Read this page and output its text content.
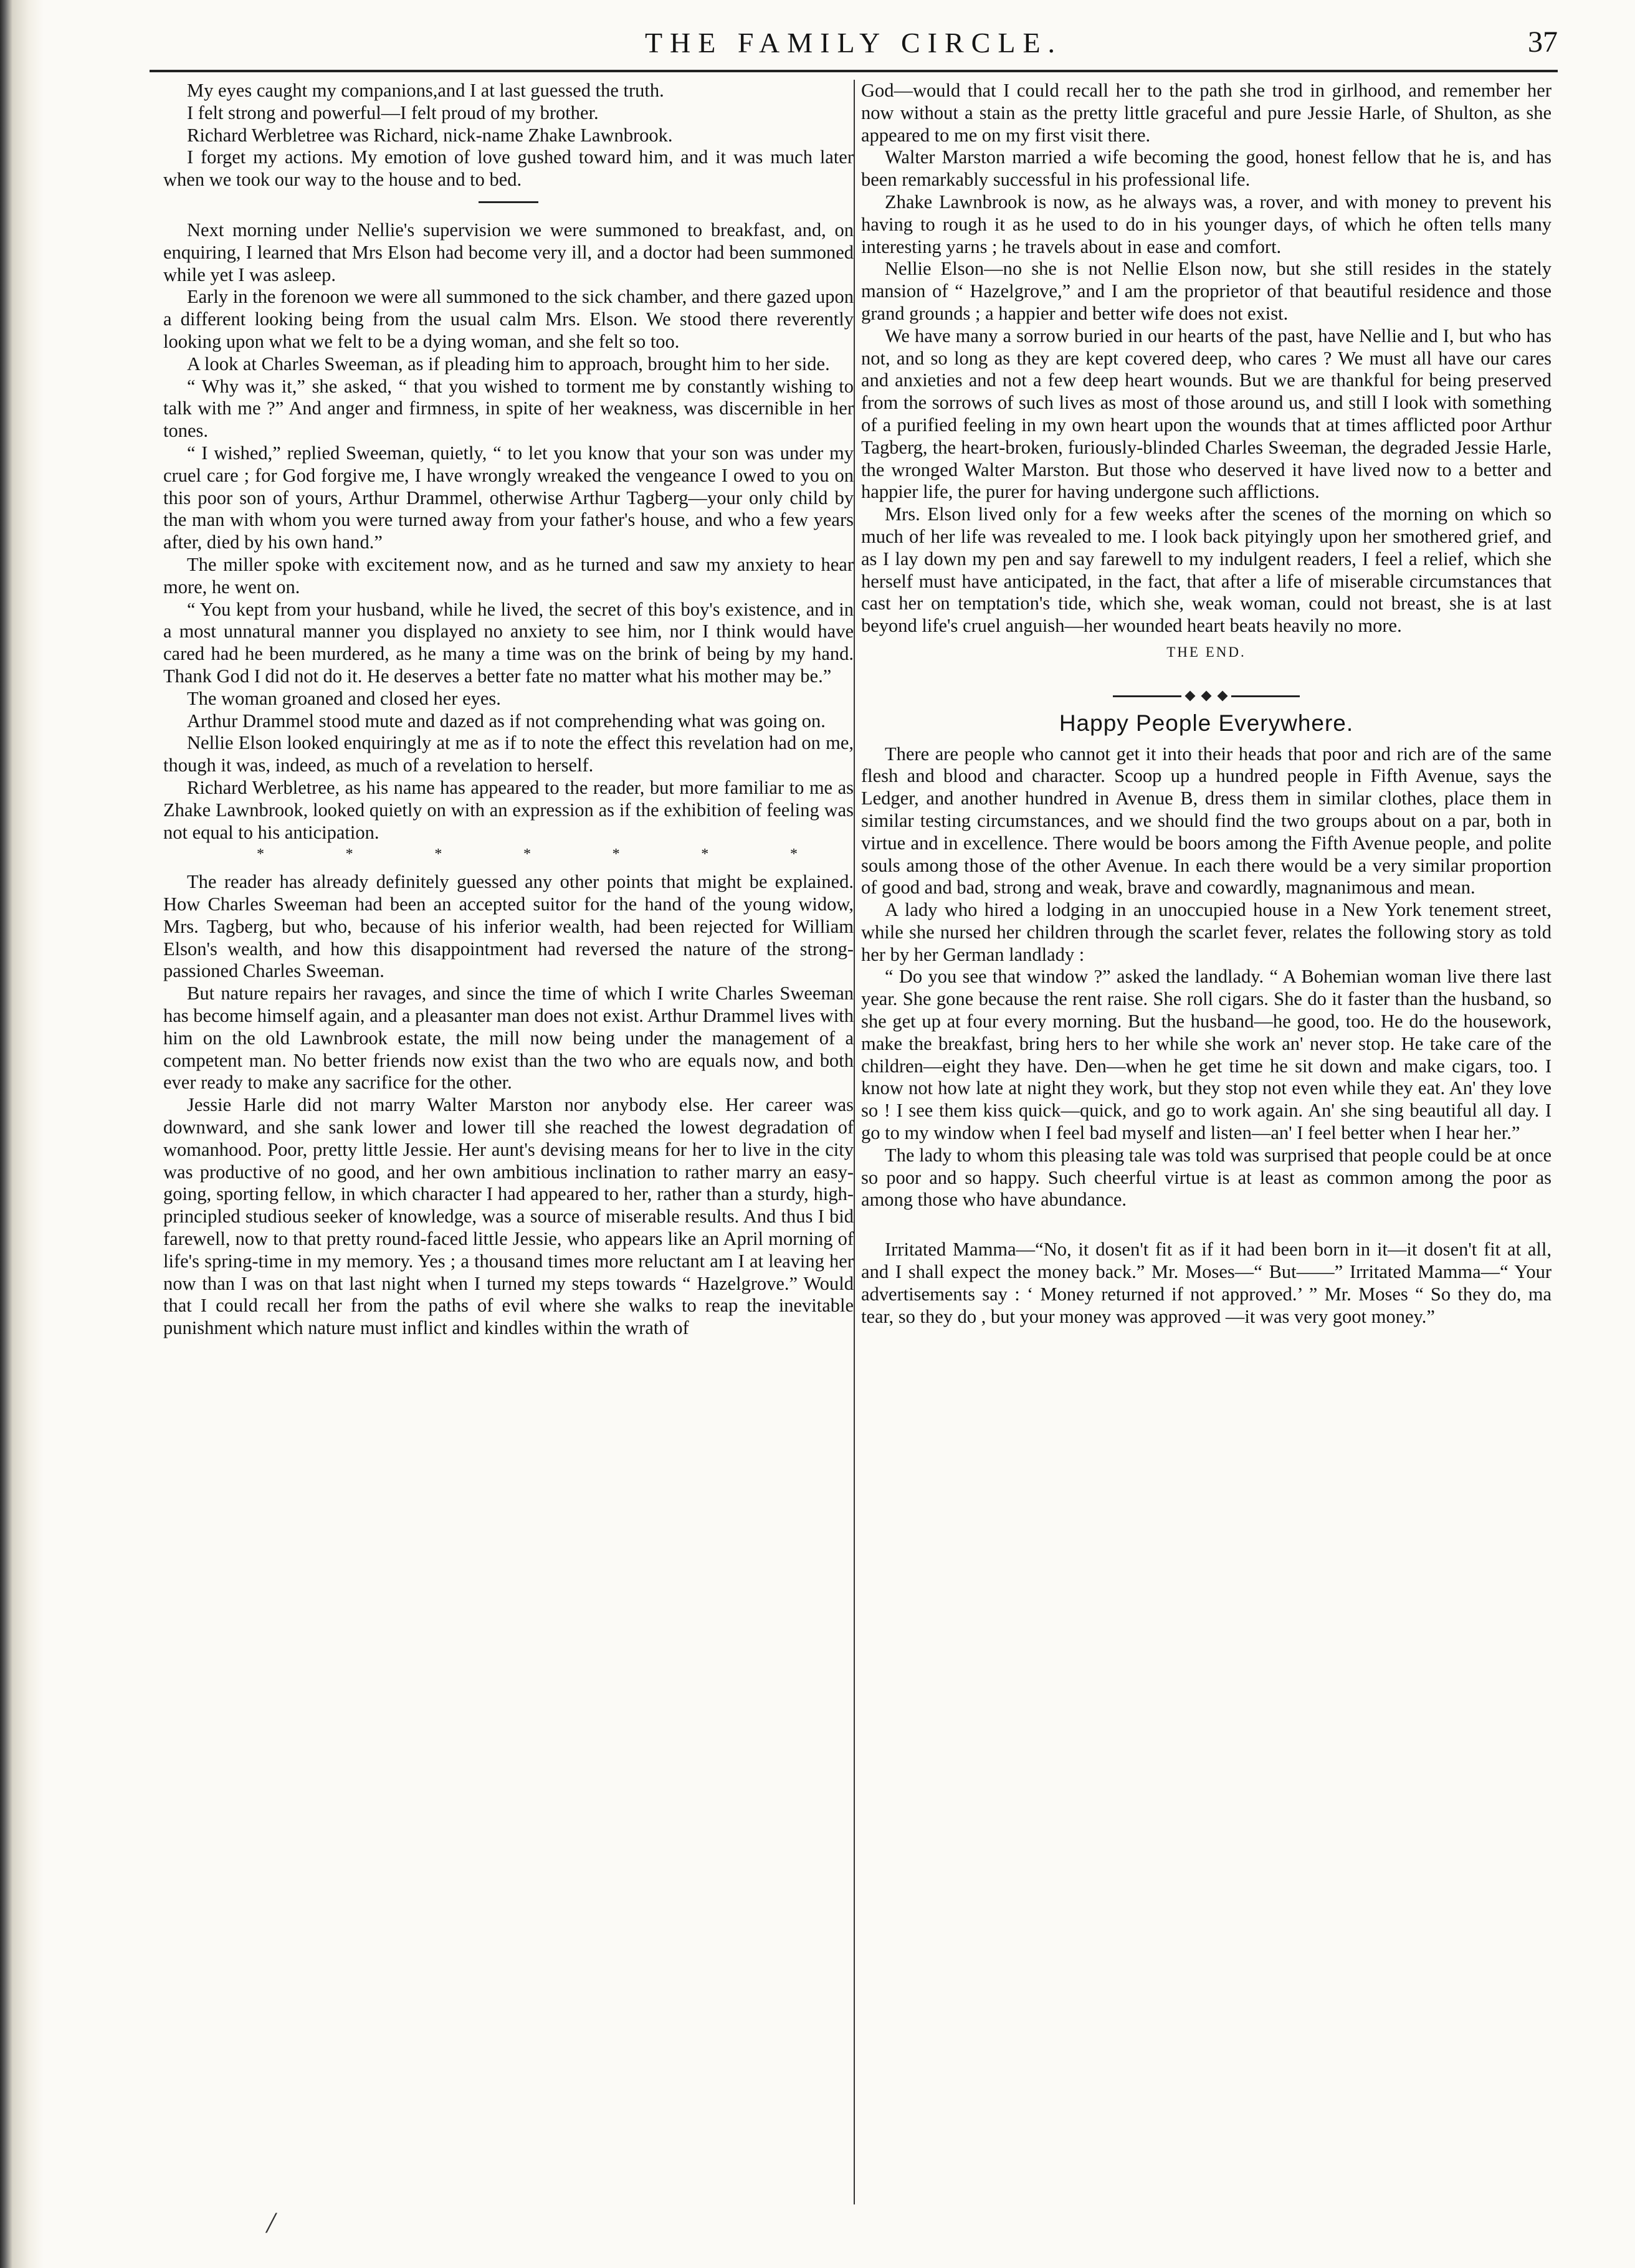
THE FAMILY CIRCLE.	37

My eyes caught my companions,and I at last guessed the truth.

I felt strong and powerful—I felt proud of my brother.

Richard Werbletree was Richard, nick-name Zhake Lawnbrook.

I forget my actions. My emotion of love gushed toward him, and it was much later when we took our way to the house and to bed.

Next morning under Nellie's supervision we were summoned to breakfast, and, on enquiring, I learned that Mrs Elson had become very ill, and a doctor had been summoned while yet I was asleep.

Early in the forenoon we were all summoned to the sick chamber, and there gazed upon a different looking being from the usual calm Mrs. Elson. We stood there reverently looking upon what we felt to be a dying woman, and she felt so too.

A look at Charles Sweeman, as if pleading him to approach, brought him to her side.

“ Why was it,” she asked, “ that you wished to torment me by constantly wishing to talk with me ?” And anger and firmness, in spite of her weakness, was discernible in her tones.

“ I wished,” replied Sweeman, quietly, “ to let you know that your son was under my cruel care ; for God forgive me, I have wrongly wreaked the vengeance I owed to you on this poor son of yours, Arthur Drammel, otherwise Arthur Tagberg—your only child by the man with whom you were turned away from your father's house, and who a few years after, died by his own hand.”

The miller spoke with excitement now, and as he turned and saw my anxiety to hear more, he went on.

“ You kept from your husband, while he lived, the secret of this boy's existence, and in a most unnatural manner you displayed no anxiety to see him, nor I think would have cared had he been murdered, as he many a time was on the brink of being by my hand. Thank God I did not do it. He deserves a better fate no matter what his mother may be.”

The woman groaned and closed her eyes.

Arthur Drammel stood mute and dazed as if not comprehending what was going on.

Nellie Elson looked enquiringly at me as if to note the effect this revelation had on me, though it was, indeed, as much of a revelation to herself.

Richard Werbletree, as his name has appeared to the reader, but more familiar to me as Zhake Lawnbrook, looked quietly on with an expression as if the exhibition of feeling was not equal to his anticipation.

*	*	*	*	*	*	*

The reader has already definitely guessed any other points that might be explained. How Charles Sweeman had been an accepted suitor for the hand of the young widow, Mrs. Tagberg, but who, because of his inferior wealth, had been rejected for William Elson's wealth, and how this disappointment had reversed the nature of the strong-passioned Charles Sweeman.

But nature repairs her ravages, and since the time of which I write Charles Sweeman has become himself again, and a pleasanter man does not exist. Arthur Drammel lives with him on the old Lawnbrook estate, the mill now being under the management of a competent man. No better friends now exist than the two who are equals now, and both ever ready to make any sacrifice for the other.

Jessie Harle did not marry Walter Marston nor anybody else. Her career was downward, and she sank lower and lower till she reached the lowest degradation of womanhood. Poor, pretty little Jessie. Her aunt's devising means for her to live in the city was productive of no good, and her own ambitious inclination to rather marry an easy-going, sporting fellow, in which character I had appeared to her, rather than a sturdy, high-principled studious seeker of knowledge, was a source of miserable results. And thus I bid farewell, now to that pretty round-faced little Jessie, who appears like an April morning of life's spring-time in my memory. Yes ; a thousand times more reluctant am I at leaving her now than I was on that last night when I turned my steps towards “ Hazelgrove.” Would that I could recall her from the paths of evil where she walks to reap the inevitable punishment which nature must inflict and kindles within the wrath of

God—would that I could recall her to the path she trod in girlhood, and remember her now without a stain as the pretty little graceful and pure Jessie Harle, of Shulton, as she appeared to me on my first visit there.

Walter Marston married a wife becoming the good, honest fellow that he is, and has been remarkably successful in his professional life.

Zhake Lawnbrook is now, as he always was, a rover, and with money to prevent his having to rough it as he used to do in his younger days, of which he often tells many interesting yarns ; he travels about in ease and comfort.

Nellie Elson—no she is not Nellie Elson now, but she still resides in the stately mansion of “ Hazelgrove,” and I am the proprietor of that beautiful residence and those grand grounds ; a happier and better wife does not exist.

We have many a sorrow buried in our hearts of the past, have Nellie and I, but who has not, and so long as they are kept covered deep, who cares ? We must all have our cares and anxieties and not a few deep heart wounds. But we are thankful for being preserved from the sorrows of such lives as most of those around us, and still I look with something of a purified feeling in my own heart upon the wounds that at times afflicted poor Arthur Tagberg, the heart-broken, furiously-blinded Charles Sweeman, the degraded Jessie Harle, the wronged Walter Marston. But those who deserved it have lived now to a better and happier life, the purer for having undergone such afflictions.

Mrs. Elson lived only for a few weeks after the scenes of the morning on which so much of her life was revealed to me. I look back pityingly upon her smothered grief, and as I lay down my pen and say farewell to my indulgent readers, I feel a relief, which she herself must have anticipated, in the fact, that after a life of miserable circumstances that cast her on temptation's tide, which she, weak woman, could not breast, she is at last beyond life's cruel anguish—her wounded heart beats heavily no more.

THE END.
Happy People Everywhere.

There are people who cannot get it into their heads that poor and rich are of the same flesh and blood and character. Scoop up a hundred people in Fifth Avenue, says the Ledger, and another hundred in Avenue B, dress them in similar clothes, place them in similar testing circumstances, and we should find the two groups about on a par, both in virtue and in excellence. There would be boors among the Fifth Avenue people, and polite souls among those of the other Avenue. In each there would be a very similar proportion of good and bad, strong and weak, brave and cowardly, magnanimous and mean.

A lady who hired a lodging in an unoccupied house in a New York tenement street, while she nursed her children through the scarlet fever, relates the following story as told her by her German landlady :

“ Do you see that window ?” asked the landlady. “ A Bohemian woman live there last year. She gone because the rent raise. She roll cigars. She do it faster than the husband, so she get up at four every morning. But the husband—he good, too. He do the housework, make the breakfast, bring hers to her while she work an' never stop. He take care of the children—eight they have. Den—when he get time he sit down and make cigars, too. I know not how late at night they work, but they stop not even while they eat. An' they love so ! I see them kiss quick—quick, and go to work again. An' she sing beautiful all day. I go to my window when I feel bad myself and listen—an' I feel better when I hear her.”

The lady to whom this pleasing tale was told was surprised that people could be at once so poor and so happy. Such cheerful virtue is at least as common among the poor as among those who have abundance.

Irritated Mamma—“No, it dosen't fit as if it had been born in it—it dosen't fit at all, and I shall expect the money back.” Mr. Moses—“ But——” Irritated Mamma—“ Your advertisements say : ‘ Money returned if not approved.’ ” Mr. Moses “ So they do, ma tear, so they do , but your money was approved —it was very goot money.”

/
